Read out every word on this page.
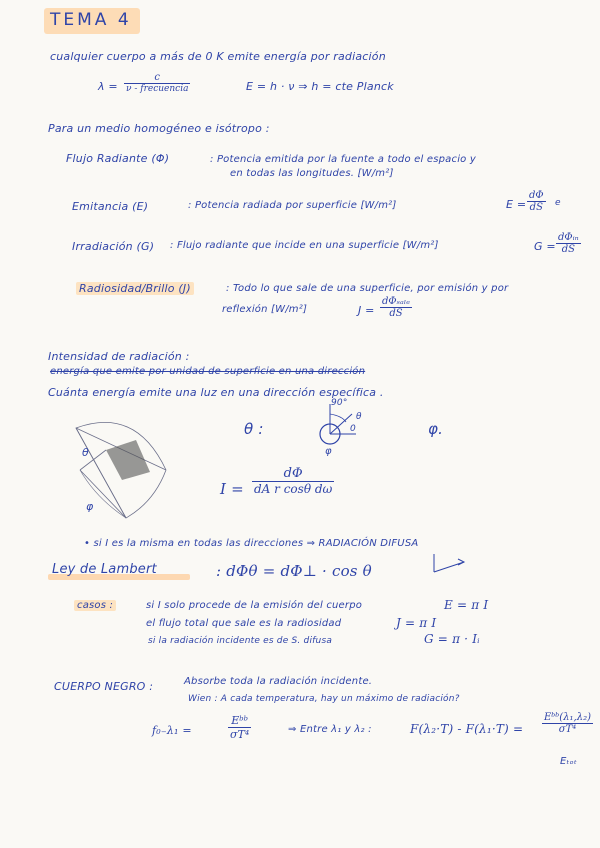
TEMA 4
cualquier cuerpo a más de 0 K emite energía por radiación
λ =
c
ν - frecuencia	E = h · ν ⇒ h = cte Planck
Para un medio homogéneo e isótropo :
Flujo Radiante (Φ)	: Potencia emitida por la fuente a todo el espacio y
en todas las longitudes. [W/m²]
Emitancia (E)	: Potencia radiada por superficie [W/m²]	$E = \frac{d\Phi}{dS}$ e
Irradiación (G) : Flujo radiante que incide en una superficie [W/m²]	G =
dΦᵢₙ
dS
Radiosidad/Brillo (J)	: Todo lo que sale de una superficie, por emisión y por
reflexión [W/m²]	J =
dΦₛₐₗₑ
dS
Intensidad de radiación :
energía que emite por unidad de superficie en una dirección
Cuánta energía emite una luz en una dirección específica .
θ
φ
θ :
90°
θ
0
φ
φ.
$I = \frac{d\Phi}{\text{dA r cosθ dω}}$
• si I es la misma en todas las direcciones ⇒ RADIACIÓN DIFUSA
Ley de Lambert	: dΦθ = dΦ⊥ · cos θ
casos :	si I solo procede de la emisión del cuerpo	E = π I
el flujo total que sale es la radiosidad	J = π I
si la radiación incidente es de S. difusa	G = π · Iᵢ
CUERPO NEGRO :	Absorbe toda la radiación incidente.
Wien : A cada temperatura, hay un máximo de radiación?
f₀₋λ₁ =
Eᵇᵇ
σT⁴	⇒ Entre λ₁ y λ₂ :	F(λ₂·T) - F(λ₁·T) =
Eᵇᵇ(λ₁,λ₂)
σT⁴
Eₜₒₜ
